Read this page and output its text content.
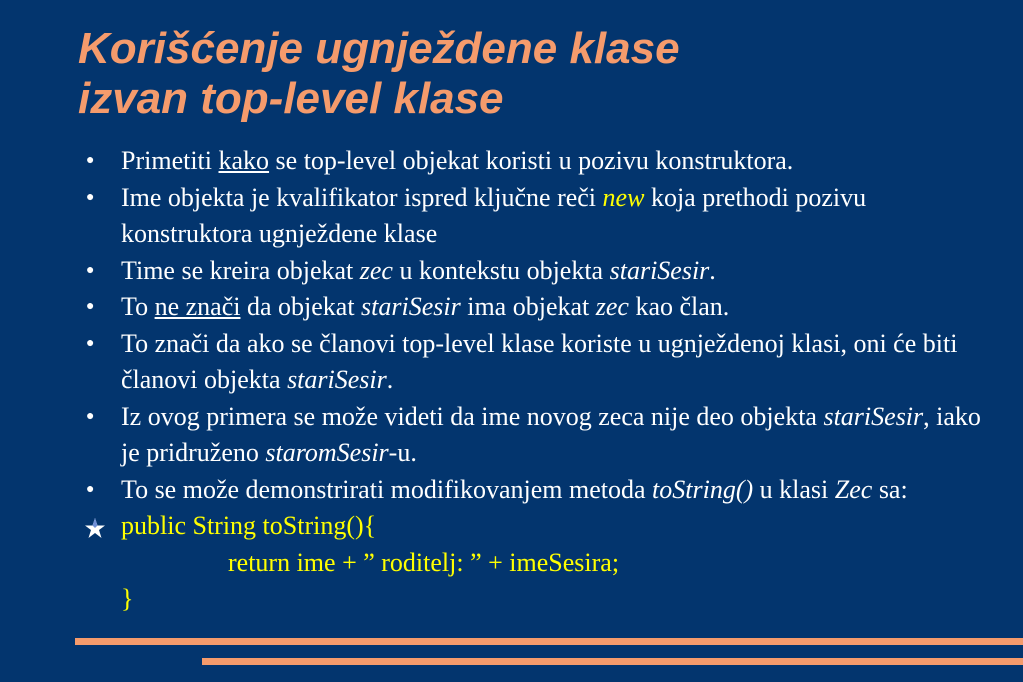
Korišćenje ugnježdene klase
izvan top-level klase
●	Primetiti kako se top-level objekat koristi u pozivu konstruktora.
●	Ime objekta je kvalifikator ispred ključne reči new koja prethodi pozivu konstruktora ugnježdene klase
●	Time se kreira objekat zec u kontekstu objekta stariSesir.
●	To ne znači da objekat stariSesir ima objekat zec kao član.
●	To znači da ako se članovi top-level klase koriste u ugnježdenoj klasi, oni će biti članovi objekta stariSesir.
●	Iz ovog primera se može videti da ime novog zeca nije deo objekta stariSesir, iako je pridruženo staromSesir-u.
●	To se može demonstrirati modifikovanjem metoda toString() u klasi Zec sa:
public String toString(){
return ime + ” roditelj: ” + imeSesira;
}
